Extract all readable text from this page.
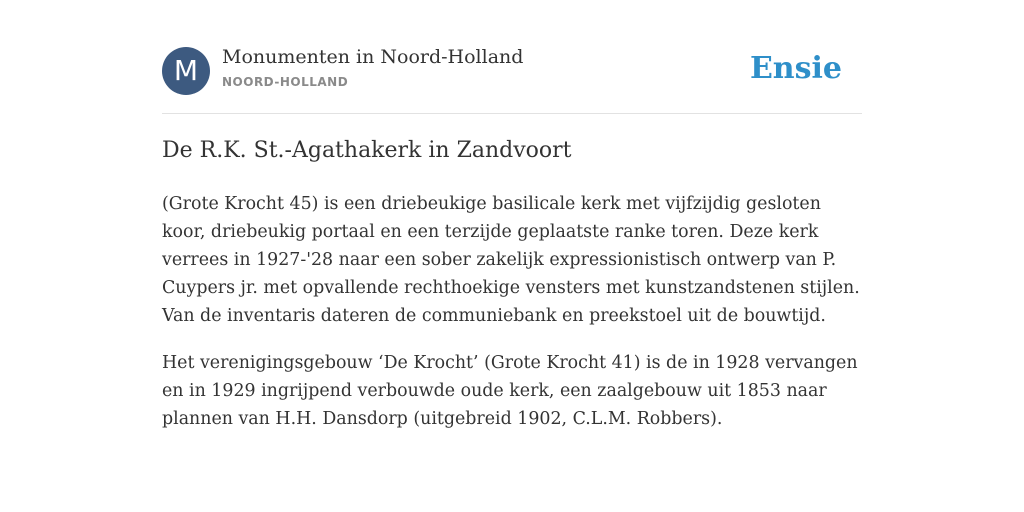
M	Monumenten in Noord-Holland
NOORD-HOLLAND	Ensie
De R.K. St.-Agathakerk in Zandvoort

(Grote Krocht 45) is een driebeukige basilicale kerk met vijfzijdig gesloten koor, driebeukig portaal en een terzijde geplaatste ranke toren. Deze kerk verrees in 1927-'28 naar een sober zakelijk expressionistisch ontwerp van P. Cuypers jr. met opvallende rechthoekige vensters met kunstzandstenen stijlen. Van de inventaris dateren de communiebank en preekstoel uit de bouwtijd.

Het verenigingsgebouw ‘De Krocht’ (Grote Krocht 41) is de in 1928 vervangen en in 1929 ingrijpend verbouwde oude kerk, een zaalgebouw uit 1853 naar plannen van H.H. Dansdorp (uitgebreid 1902, C.L.M. Robbers).
